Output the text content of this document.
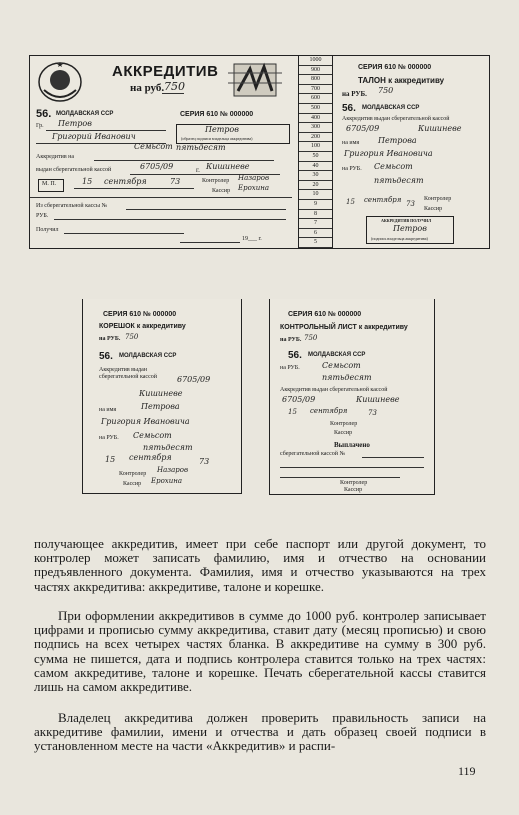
АККРЕДИТИВ
на руб. 750
56. МОЛДАВСКАЯ ССР	СЕРИЯ 610 № 000000
Гр. Петров
Григорий Иванович
Петров
(образец подписи владельца аккредитива)
Семьсот пятьдесят
Аккредитив на
выдан сберегательной кассой	6705/09	г. Кишиневе
М. П.	15 сентября	73	Контролер Назаров
Кассир Ерохина
Из сберегательной кассы №
РУБ.
Получил
19___ г.
1000
900
800
700
600
500
400
300
200
100
50
40
30
20
10
9
8
7
6
5
СЕРИЯ 610 № 000000
ТАЛОН к аккредитиву
на РУБ. 750
56. МОЛДАВСКАЯ ССР
Аккредитив выдан сберегательной кассой
6705/09	Кишиневе
на имя Петрова
Григория Ивановича
на РУБ. Семьсот
пятьдесят
15 сентября 73
Контролер
Кассир
АККРЕДИТИВ ПОЛУЧИЛ
Петров
(подпись владельца аккредитива)
СЕРИЯ 610 № 000000
КОРЕШОК к аккредитиву
на РУБ. 750
56. МОЛДАВСКАЯ ССР
Аккредитив выдан сберегательной кассой	6705/09
Кишиневе
на имя	Петрова
Григория Ивановича
на РУБ. Семьсот
пятьдесят
15 сентября	73
Контролер Назаров
Кассир Ерохина
СЕРИЯ 610 № 000000
КОНТРОЛЬНЫЙ ЛИСТ к аккредитиву
на РУБ. 750
56. МОЛДАВСКАЯ ССР
на РУБ.	Семьсот
пятьдесят
Аккредитив выдан сберегательной кассой
6705/09	Кишиневе
15 сентября	73
Контролер
Кассир
Выплачено
сберегательной кассой №
Контролер
Кассир
получающее аккредитив, имеет при себе паспорт или другой документ, то контролер может записать фамилию, имя и отчество на основании предъявленного документа. Фамилия, имя и отчество указываются на трех частях аккредитива: аккредитиве, талоне и корешке.
При оформлении аккредитивов в сумме до 1000 руб. контролер записывает цифрами и прописью сумму аккредитива, ставит дату (месяц прописью) и свою подпись на всех четырех частях бланка. В аккредитиве на сумму в 300 руб. сумма не пишется, дата и подпись контролера ставится только на трех частях: самом аккредитиве, талоне и корешке. Печать сберегательной кассы ставится лишь на самом аккредитиве.
Владелец аккредитива должен проверить правильность записи на аккредитиве фамилии, имени и отчества и дать образец своей подписи в установленном месте на части «Аккредитив» и распи-
119
